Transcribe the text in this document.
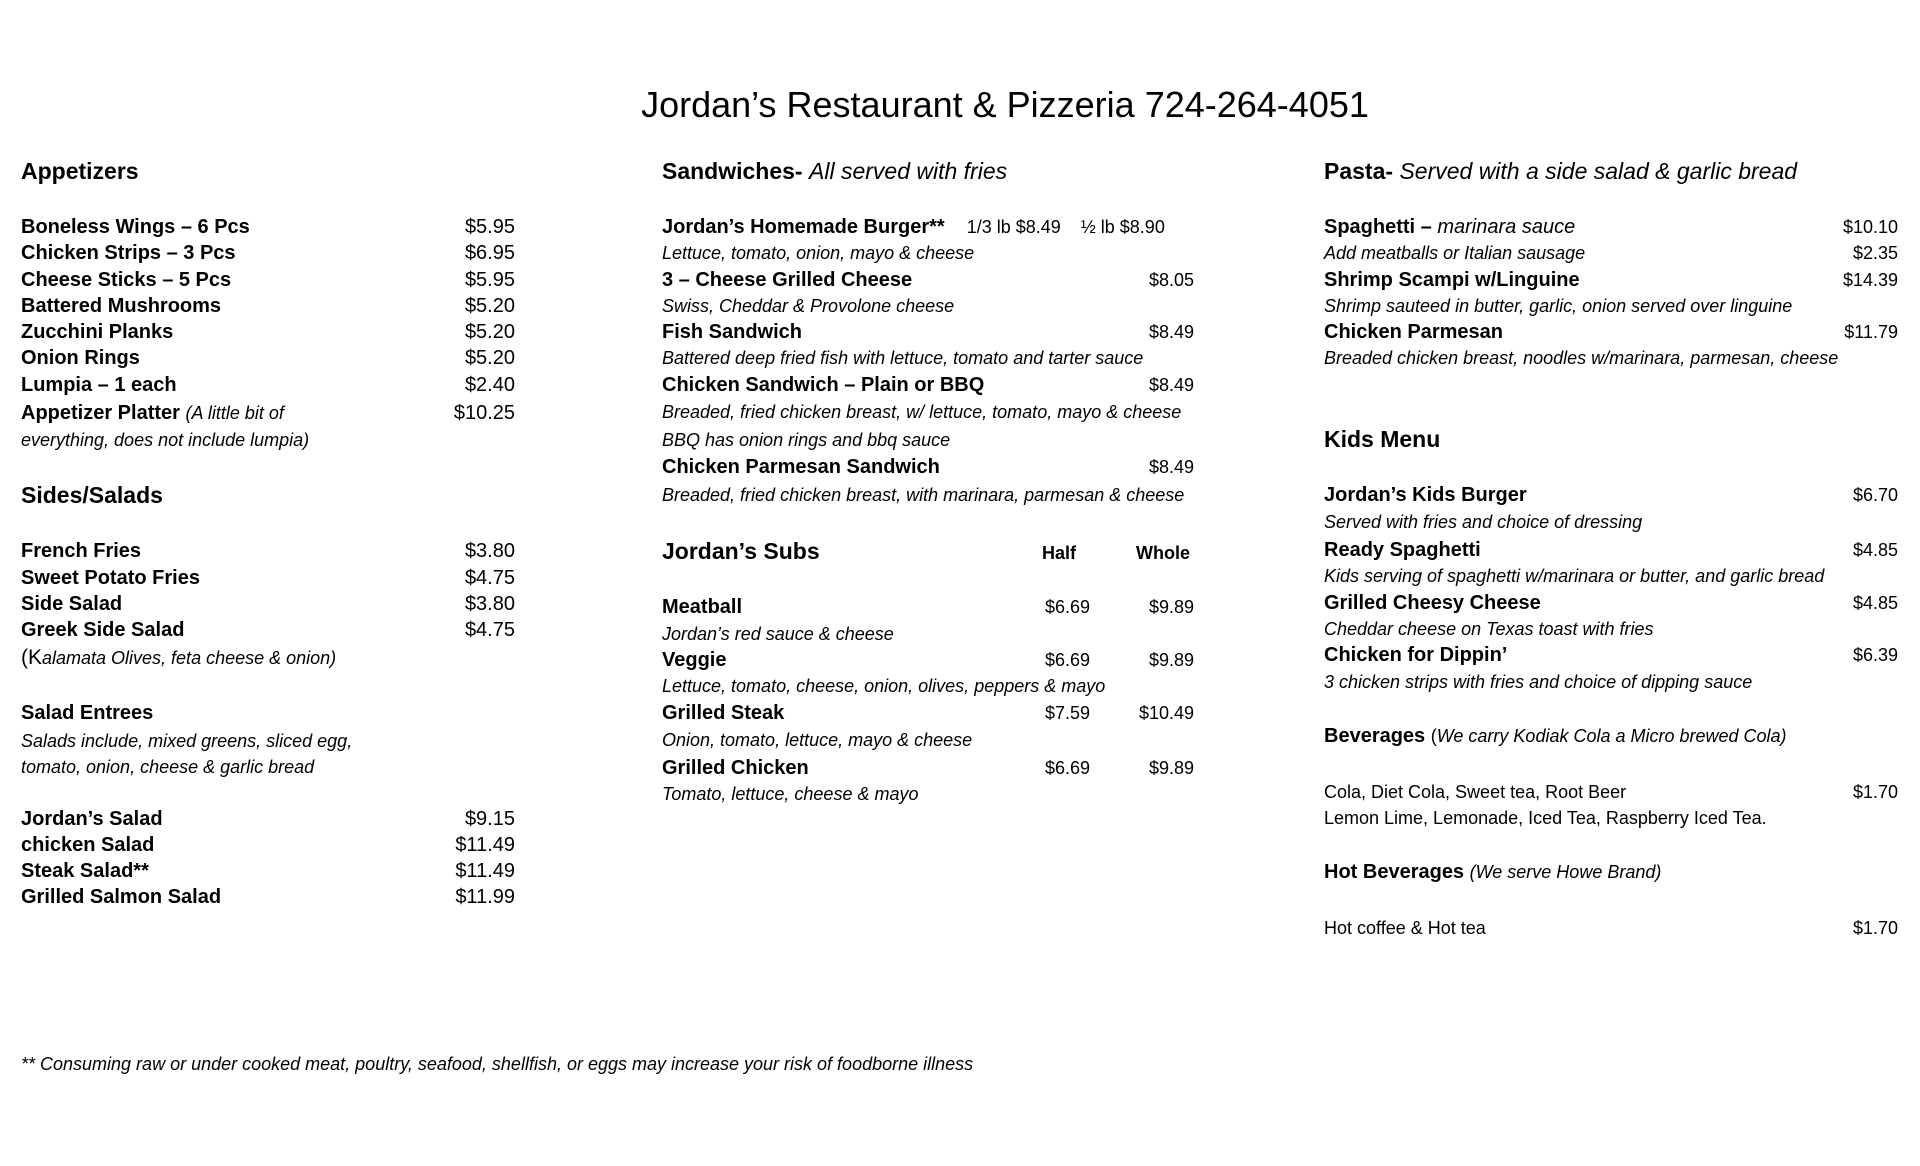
Jordan’s Restaurant & Pizzeria 724-264-4051
Appetizers
Boneless Wings – 6 Pcs	$5.95
Chicken Strips – 3 Pcs	$6.95
Cheese Sticks – 5 Pcs	$5.95
Battered Mushrooms	$5.20
Zucchini Planks	$5.20
Onion Rings	$5.20
Lumpia – 1 each	$2.40
Appetizer Platter (A little bit of	$10.25
everything, does not include lumpia)
Sides/Salads
French Fries	$3.80
Sweet Potato Fries	$4.75
Side Salad	$3.80
Greek Side Salad	$4.75
(Kalamata Olives, feta cheese & onion)
Salad Entrees
Salads include, mixed greens, sliced egg,
tomato, onion, cheese & garlic bread
Jordan’s Salad	$9.15
chicken Salad	$11.49
Steak Salad**	$11.49
Grilled Salmon Salad	$11.99
Sandwiches- All served with fries
Jordan’s Homemade Burger** 1/3 lb $8.49 ½ lb $8.90
Lettuce, tomato, onion, mayo & cheese
3 – Cheese Grilled Cheese	$8.05
Swiss, Cheddar & Provolone cheese
Fish Sandwich	$8.49
Battered deep fried fish with lettuce, tomato and tarter sauce
Chicken Sandwich – Plain or BBQ	$8.49
Breaded, fried chicken breast, w/ lettuce, tomato, mayo & cheese
BBQ has onion rings and bbq sauce
Chicken Parmesan Sandwich	$8.49
Breaded, fried chicken breast, with marinara, parmesan & cheese
Jordan’s Subs	Half	Whole
Meatball	$6.69	$9.89
Jordan’s red sauce & cheese
Veggie	$6.69	$9.89
Lettuce, tomato, cheese, onion, olives, peppers & mayo
Grilled Steak	$7.59	$10.49
Onion, tomato, lettuce, mayo & cheese
Grilled Chicken	$6.69	$9.89
Tomato, lettuce, cheese & mayo
Pasta- Served with a side salad & garlic bread
Spaghetti – marinara sauce	$10.10
Add meatballs or Italian sausage	$2.35
Shrimp Scampi w/Linguine	$14.39
Shrimp sauteed in butter, garlic, onion served over linguine
Chicken Parmesan	$11.79
Breaded chicken breast, noodles w/marinara, parmesan, cheese
Kids Menu
Jordan’s Kids Burger	$6.70
Served with fries and choice of dressing
Ready Spaghetti	$4.85
Kids serving of spaghetti w/marinara or butter, and garlic bread
Grilled Cheesy Cheese	$4.85
Cheddar cheese on Texas toast with fries
Chicken for Dippin’	$6.39
3 chicken strips with fries and choice of dipping sauce
Beverages (We carry Kodiak Cola a Micro brewed Cola)
Cola, Diet Cola, Sweet tea, Root Beer	$1.70
Lemon Lime, Lemonade, Iced Tea, Raspberry Iced Tea.
Hot Beverages (We serve Howe Brand)
Hot coffee & Hot tea	$1.70
** Consuming raw or under cooked meat, poultry, seafood, shellfish, or eggs may increase your risk of foodborne illness
